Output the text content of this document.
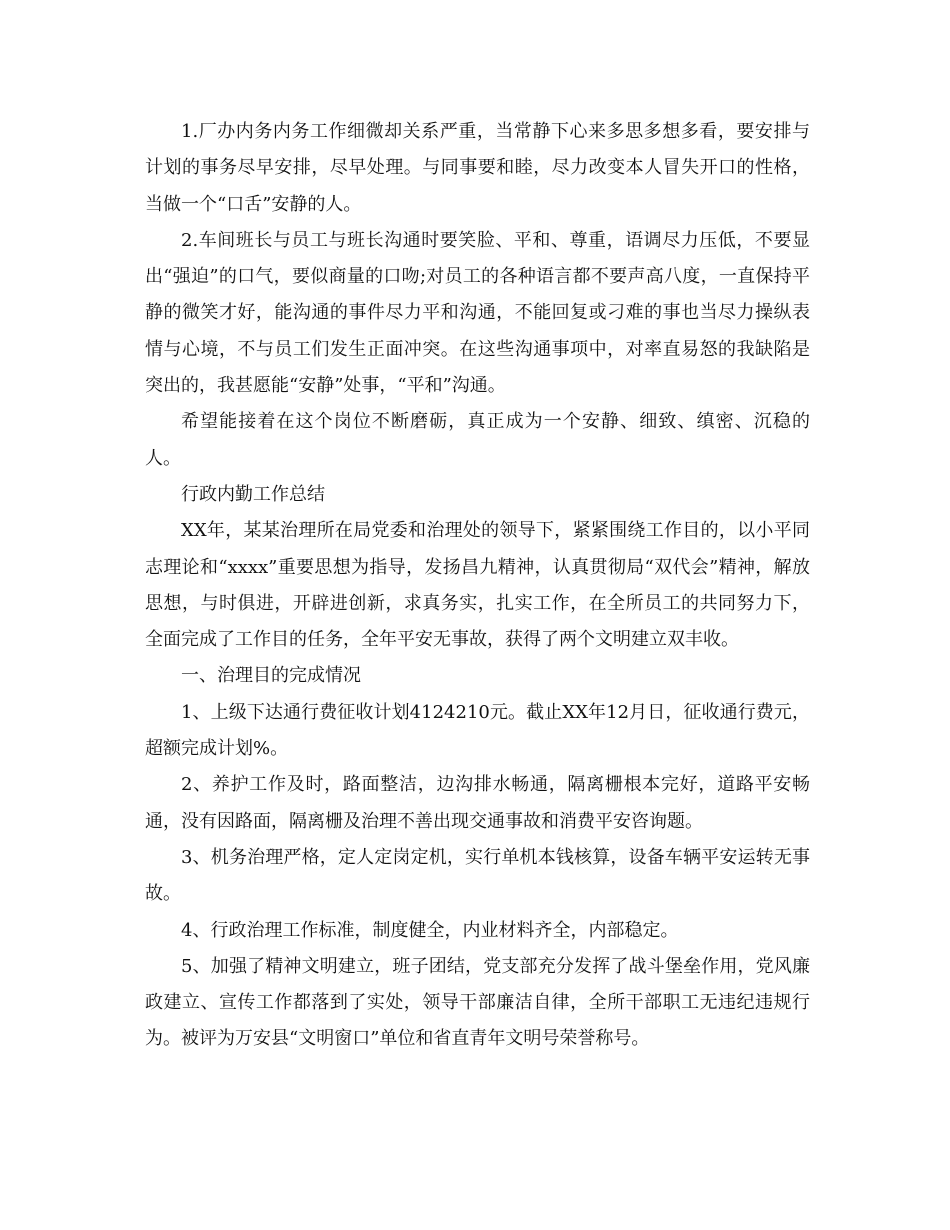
1.厂办内务内务工作细微却关系严重，当常静下心来多思多想多看，要安排与计划的事务尽早安排，尽早处理。与同事要和睦，尽力改变本人冒失开口的性格，当做一个“口舌”安静的人。

2.车间班长与员工与班长沟通时要笑脸、平和、尊重，语调尽力压低，不要显出“强迫”的口气，要似商量的口吻;对员工的各种语言都不要声高八度，一直保持平静的微笑才好，能沟通的事件尽力平和沟通，不能回复或刁难的事也当尽力操纵表情与心境，不与员工们发生正面冲突。在这些沟通事项中，对率直易怒的我缺陷是突出的，我甚愿能“安静”处事，“平和”沟通。

希望能接着在这个岗位不断磨砺，真正成为一个安静、细致、缜密、沉稳的人。

行政内勤工作总结

XX年，某某治理所在局党委和治理处的领导下，紧紧围绕工作目的，以小平同志理论和“xxxx”重要思想为指导，发扬昌九精神，认真贯彻局“双代会”精神，解放思想，与时俱进，开辟进创新，求真务实，扎实工作，在全所员工的共同努力下，全面完成了工作目的任务，全年平安无事故，获得了两个文明建立双丰收。

一、治理目的完成情况

1、上级下达通行费征收计划4124210元。截止XX年12月日，征收通行费元，超额完成计划%。

2、养护工作及时，路面整洁，边沟排水畅通，隔离栅根本完好，道路平安畅通，没有因路面，隔离栅及治理不善出现交通事故和消费平安咨询题。

3、机务治理严格，定人定岗定机，实行单机本钱核算，设备车辆平安运转无事故。

4、行政治理工作标准，制度健全，内业材料齐全，内部稳定。

5、加强了精神文明建立，班子团结，党支部充分发挥了战斗堡垒作用，党风廉政建立、宣传工作都落到了实处，领导干部廉洁自律，全所干部职工无违纪违规行为。被评为万安县“文明窗口”单位和省直青年文明号荣誉称号。
